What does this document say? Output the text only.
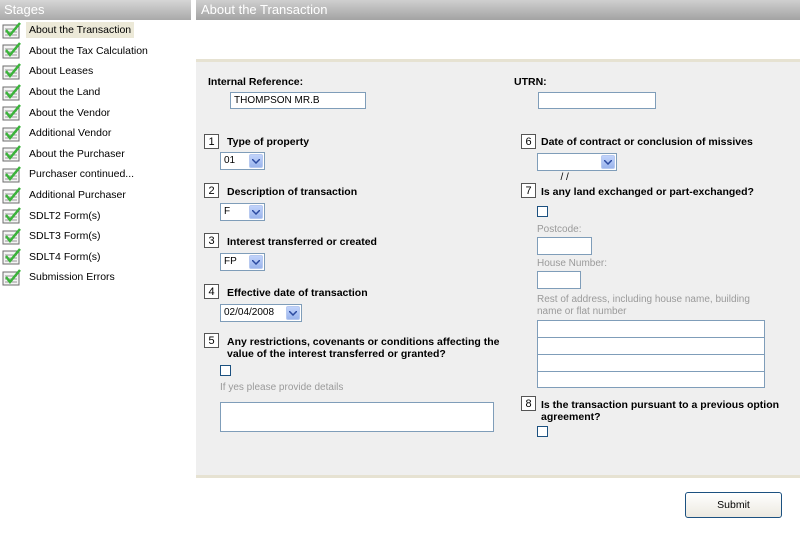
Stages
About the Transaction
About the Tax Calculation
About Leases
About the Land
About the Vendor
Additional Vendor
About the Purchaser
Purchaser continued...
Additional Purchaser
SDLT2 Form(s)
SDLT3 Form(s)
SDLT4 Form(s)
Submission Errors
About the Transaction
Internal Reference:
THOMPSON MR.B
UTRN:
1	Type of property
01
2	Description of transaction
F
3	Interest transferred or created
FP
4	Effective date of transaction
02/04/2008
5	Any restrictions, covenants or conditions affecting the
value of the interest transferred or granted?
If yes please provide details
6 Date of contract or conclusion of missives

/ /

7 Is any land exchanged or part-exchanged?
Postcode:
House Number:
Rest of address, including house name, building
name or flat number
8 Is the transaction pursuant to a previous option
agreement?
Submit
